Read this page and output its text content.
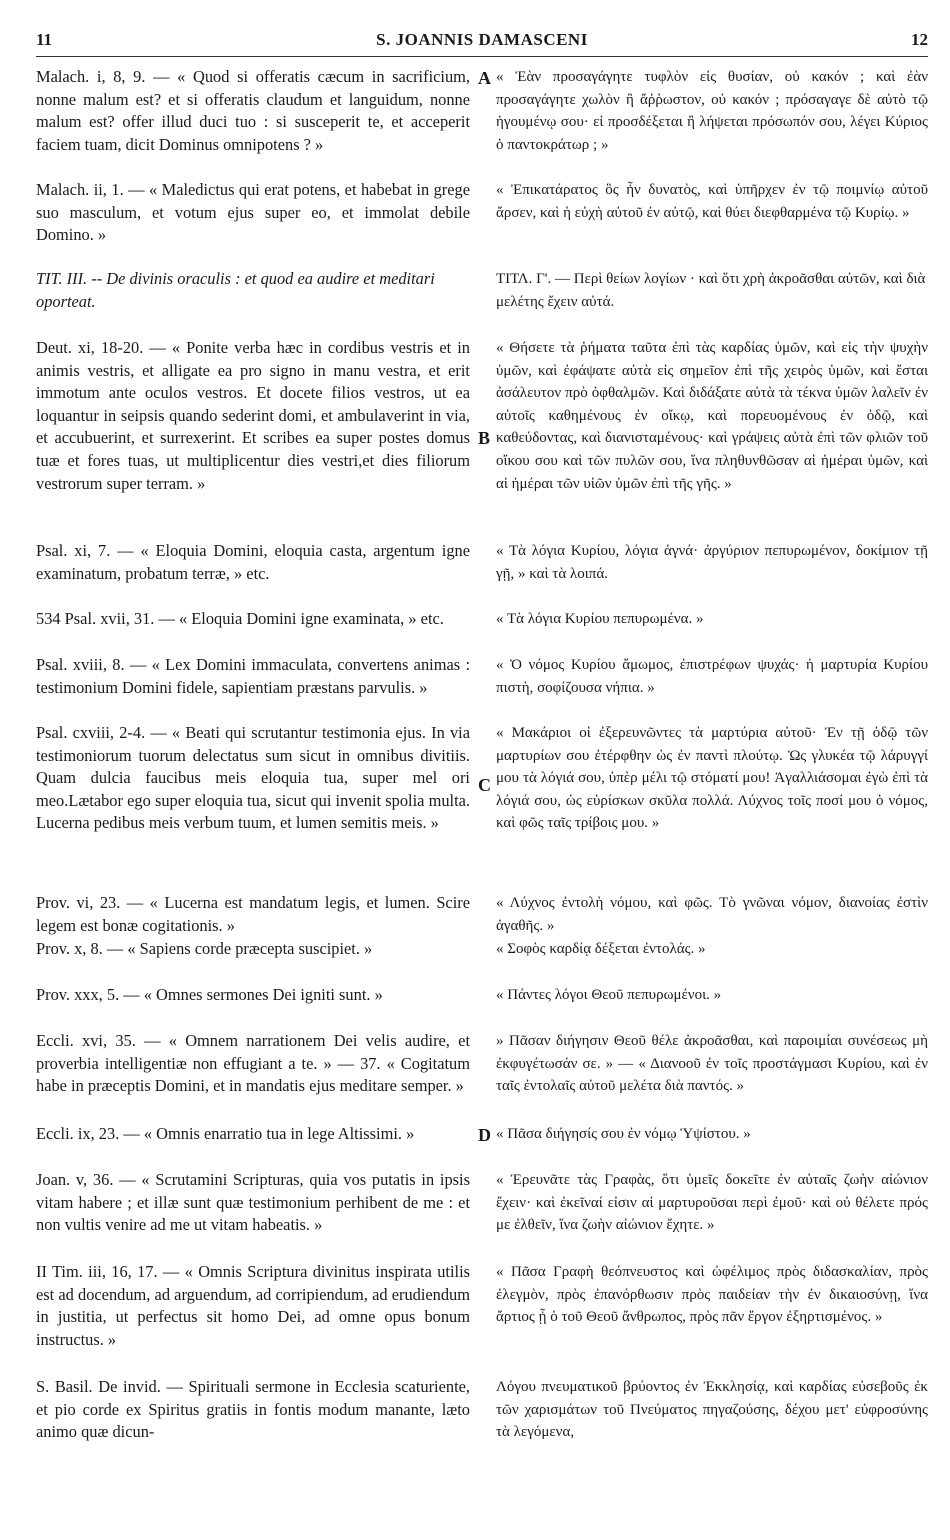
11	S. JOANNIS DAMASCENI	12

Malach. i, 8, 9. — « Quod si offeratis cæcum in sacrificium, nonne malum est? et si offeratis claudum et languidum, nonne malum est? offer illud duci tuo : si susceperit te, et acceperit faciem tuam, dicit Dominus omnipotens ? »

Malach. ii, 1. — « Maledictus qui erat potens, et habebat in grege suo masculum, et votum ejus super eo, et immolat debile Domino. »

TIT. III. -- De divinis oraculis : et quod ea audire et meditari oporteat.

Deut. xi, 18-20. — « Ponite verba hæc in cordibus vestris et in animis vestris, et alligate ea pro signo in manu vestra, et erit immotum ante oculos vestros. Et docete filios vestros, ut ea loquantur in seipsis quando sederint domi, et ambulaverint in via, et accubuerint, et surrexerint. Et scribes ea super postes domus tuæ et fores tuas, ut multiplicentur dies vestri,et dies filiorum vestrorum super terram. »

Psal. xi, 7. — « Eloquia Domini, eloquia casta, argentum igne examinatum, probatum terræ, » etc.

534 Psal. xvii, 31. — « Eloquia Domini igne examinata, » etc.

Psal. xviii, 8. — « Lex Domini immaculata, convertens animas : testimonium Domini fidele, sapientiam præstans parvulis. »

Psal. cxviii, 2-4. — « Beati qui scrutantur testimonia ejus. In via testimoniorum tuorum delectatus sum sicut in omnibus divitiis. Quam dulcia faucibus meis eloquia tua, super mel ori meo.Lætabor ego super eloquia tua, sicut qui invenit spolia multa. Lucerna pedibus meis verbum tuum, et lumen semitis meis. »

Prov. vi, 23. — « Lucerna est mandatum legis, et lumen. Scire legem est bonæ cogitationis. »

Prov. x, 8. — « Sapiens corde præcepta suscipiet. »

Prov. xxx, 5. — « Omnes sermones Dei igniti sunt. »

Eccli. xvi, 35. — « Omnem narrationem Dei velis audire, et proverbia intelligentiæ non effugiant a te. » — 37. « Cogitatum habe in præceptis Domini, et in mandatis ejus meditare semper. »

Eccli. ix, 23. — « Omnis enarratio tua in lege Altissimi. »

Joan. v, 36. — « Scrutamini Scripturas, quia vos putatis in ipsis vitam habere ; et illæ sunt quæ testimonium perhibent de me : et non vultis venire ad me ut vitam habeatis. »

II Tim. iii, 16, 17. — « Omnis Scriptura divinitus inspirata utilis est ad docendum, ad arguendum, ad corripiendum, ad erudiendum in justitia, ut perfectus sit homo Dei, ad omne opus bonum instructus. »

S. Basil. De invid. — Spirituali sermone in Ecclesia scaturiente, et pio corde ex Spiritus gratiis in fontis modum manante, læto animo quæ dicun-

A
B
C
D

« Ἐὰν προσαγάγητε τυφλὸν εἰς θυσίαν, οὐ κακόν ; καὶ ἐὰν προσαγάγητε χωλὸν ἢ ἄῤῥωστον, οὐ κακόν ; πρόσαγαγε δὲ αὐτὸ τῷ ἡγουμένῳ σου· εἰ προσδέξεται ἢ λήψεται πρόσωπόν σου, λέγει Κύριος ὁ παντοκράτωρ ; »

« Ἐπικατάρατος ὃς ἦν δυνατὸς, καὶ ὑπῆρχεν ἐν τῷ ποιμνίῳ αὐτοῦ ἄρσεν, καὶ ἡ εὐχὴ αὐτοῦ ἐν αὐτῷ, καὶ θύει διεφθαρμένα τῷ Κυρίῳ. »

ΤΙΤΛ. Γ'. — Περὶ θείων λογίων · καὶ ὅτι χρὴ ἀκροᾶσθαι αὐτῶν, καὶ διὰ μελέτης ἔχειν αὐτά.

« Θήσετε τὰ ῥήματα ταῦτα ἐπὶ τὰς καρδίας ὑμῶν, καὶ εἰς τὴν ψυχὴν ὑμῶν, καὶ ἐφάψατε αὐτὰ εἰς σημεῖον ἐπὶ τῆς χειρὸς ὑμῶν, καὶ ἔσται ἀσάλευτον πρὸ ὀφθαλμῶν. Καὶ διδάξατε αὐτὰ τὰ τέκνα ὑμῶν λαλεῖν ἐν αὐτοῖς καθημένους ἐν οἴκῳ, καὶ πορευομένους ἐν ὁδῷ, καὶ καθεύδοντας, καὶ διανισταμένους· καὶ γράψεις αὐτὰ ἐπὶ τῶν φλιῶν τοῦ οἴκου σου καὶ τῶν πυλῶν σου, ἵνα πληθυνθῶσαν αἱ ἡμέραι ὑμῶν, καὶ αἱ ἡμέραι τῶν υἱῶν ὑμῶν ἐπὶ τῆς γῆς. »

« Τὰ λόγια Κυρίου, λόγια ἁγνά· ἀργύριον πεπυρωμένον, δοκίμιον τῇ γῇ, » καὶ τὰ λοιπά.

« Τὰ λόγια Κυρίου πεπυρωμένα. »

« Ὁ νόμος Κυρίου ἄμωμος, ἐπιστρέφων ψυχάς· ἡ μαρτυρία Κυρίου πιστὴ, σοφίζουσα νήπια. »

« Μακάριοι οἱ ἐξερευνῶντες τὰ μαρτύρια αὐτοῦ· Ἐν τῇ ὁδῷ τῶν μαρτυρίων σου ἐτέρφθην ὡς ἐν παντὶ πλούτῳ. Ὡς γλυκέα τῷ λάρυγγί μου τὰ λόγιά σου, ὑπὲρ μέλι τῷ στόματί μου! Ἀγαλλιάσομαι ἐγὼ ἐπὶ τὰ λόγιά σου, ὡς εὑρίσκων σκῦλα πολλά. Λύχνος τοῖς ποσί μου ὁ νόμος, καὶ φῶς ταῖς τρίβοις μου. »

« Λύχνος ἐντολὴ νόμου, καὶ φῶς. Τὸ γνῶναι νόμον, διανοίας ἐστὶν ἀγαθῆς. »

« Σοφὸς καρδίᾳ δέξεται ἐντολάς. »

« Πάντες λόγοι Θεοῦ πεπυρωμένοι. »

» Πᾶσαν διήγησιν Θεοῦ θέλε ἀκροᾶσθαι, καὶ παροιμίαι συνέσεως μὴ ἐκφυγέτωσάν σε. » — « Διανοοῦ ἐν τοῖς προστάγμασι Κυρίου, καὶ ἐν ταῖς ἐντολαῖς αὐτοῦ μελέτα διὰ παντός. »

« Πᾶσα διήγησίς σου ἐν νόμῳ Ὑψίστου. »

« Ἐρευνᾶτε τὰς Γραφὰς, ὅτι ὑμεῖς δοκεῖτε ἐν αὐταῖς ζωὴν αἰώνιον ἔχειν· καὶ ἐκεῖναί εἰσιν αἱ μαρτυροῦσαι περὶ ἐμοῦ· καὶ οὐ θέλετε πρός με ἐλθεῖν, ἵνα ζωὴν αἰώνιον ἔχητε. »

« Πᾶσα Γραφὴ θεόπνευστος καὶ ὠφέλιμος πρὸς διδασκαλίαν, πρὸς ἐλεγμὸν, πρὸς ἐπανόρθωσιν πρὸς παιδείαν τὴν ἐν δικαιοσύνῃ, ἵνα ἄρτιος ᾖ ὁ τοῦ Θεοῦ ἄνθρωπος, πρὸς πᾶν ἔργον ἐξηρτισμένος. »

Λόγου πνευματικοῦ βρύοντος ἐν Ἐκκλησίᾳ, καὶ καρδίας εὐσεβοῦς ἐκ τῶν χαρισμάτων τοῦ Πνεύματος πηγαζούσης, δέχου μετ' εὐφροσύνης τὰ λεγόμενα,
